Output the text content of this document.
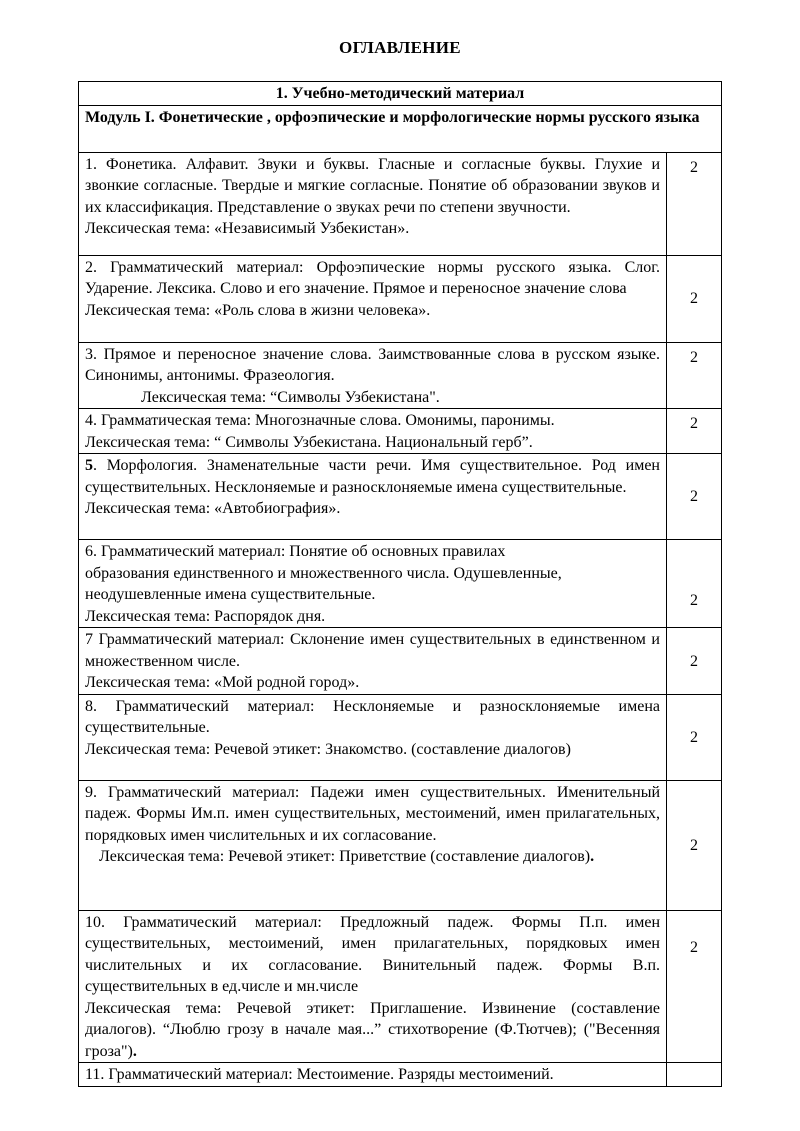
ОГЛАВЛЕНИЕ
1. Учебно-методический материал	
Модуль I. Фонетические , орфоэпические и морфологические нормы русского языка	
1. Фонетика. Алфавит. Звуки и буквы. Гласные и согласные буквы. Глухие и звонкие согласные. Твердые и мягкие согласные. Понятие об образовании звуков и их классификация. Представление о звуках речи по степени звучности.
Лексическая тема: «Независимый Узбекистан».	2
2. Грамматический материал: Орфоэпические нормы русского языка. Слог. Ударение. Лексика. Слово и его значение. Прямое и переносное значение слова
Лексическая тема: «Роль слова в жизни человека».	2
3. Прямое и переносное значение слова. Заимствованные слова в русском языке. Синонимы, антонимы. Фразеология.
Лексическая тема: “Символы Узбекистана".	2

4. Грамматическая тема: Многозначные слова. Омонимы, паронимы.
Лексическая тема: “ Символы Узбекистана. Национальный герб”.	2
5. Морфология. Знаменательные части речи. Имя существительное. Род имен существительных. Несклоняемые и разносклоняемые имена существительные.
Лексическая тема: «Автобиография».	2

6. Грамматический материал: Понятие об основных правилах
образования единственного и множественного числа. Одушевленные,
неодушевленные имена существительные.
Лексическая тема: Распорядок дня.	2
7 Грамматический материал: Склонение имен существительных в единственном и множественном числе.
Лексическая тема: «Мой родной город».	2
8. Грамматический материал: Несклоняемые и разносклоняемые имена существительные.
Лексическая тема: Речевой этикет: Знакомство. (составление диалогов)	2
9. Грамматический материал: Падежи имен существительных. Именительный падеж. Формы Им.п. имен существительных, местоимений, имен прилагательных, порядковых имен числительных и их согласование.
Лексическая тема: Речевой этикет: Приветствие (составление диалогов).	2
10. Грамматический материал: Предложный падеж. Формы П.п. имен существительных, местоимений, имен прилагательных, порядковых имен числительных и их согласование. Винительный падеж. Формы В.п. существительных в ед.числе и мн.числе
Лексическая тема: Речевой этикет: Приглашение. Извинение (составление диалогов). “Люблю грозу в начале мая...” стихотворение (Ф.Тютчев); ("Весенняя гроза").	2
11. Грамматический материал: Местоимение. Разряды местоимений.	
